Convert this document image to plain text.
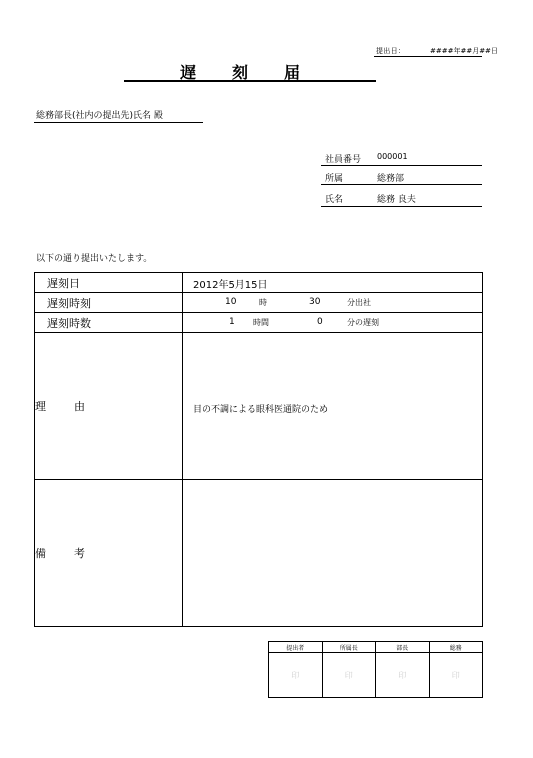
提出日：	####年##月##日
遅刻届
総務部長(社内の提出先)氏名 殿
社員番号 000001
所属	総務部
氏名	総務 良夫
以下の通り提出いたします。
遅刻日	2012年5月15日
遅刻時刻	10 時 30 分出社

遅刻時数	1 時間 0 分の遅刻

理 由	目の不調による眼科医通院のため
備 考	
提出者	所属長	部長	総務
印	印	印	印
